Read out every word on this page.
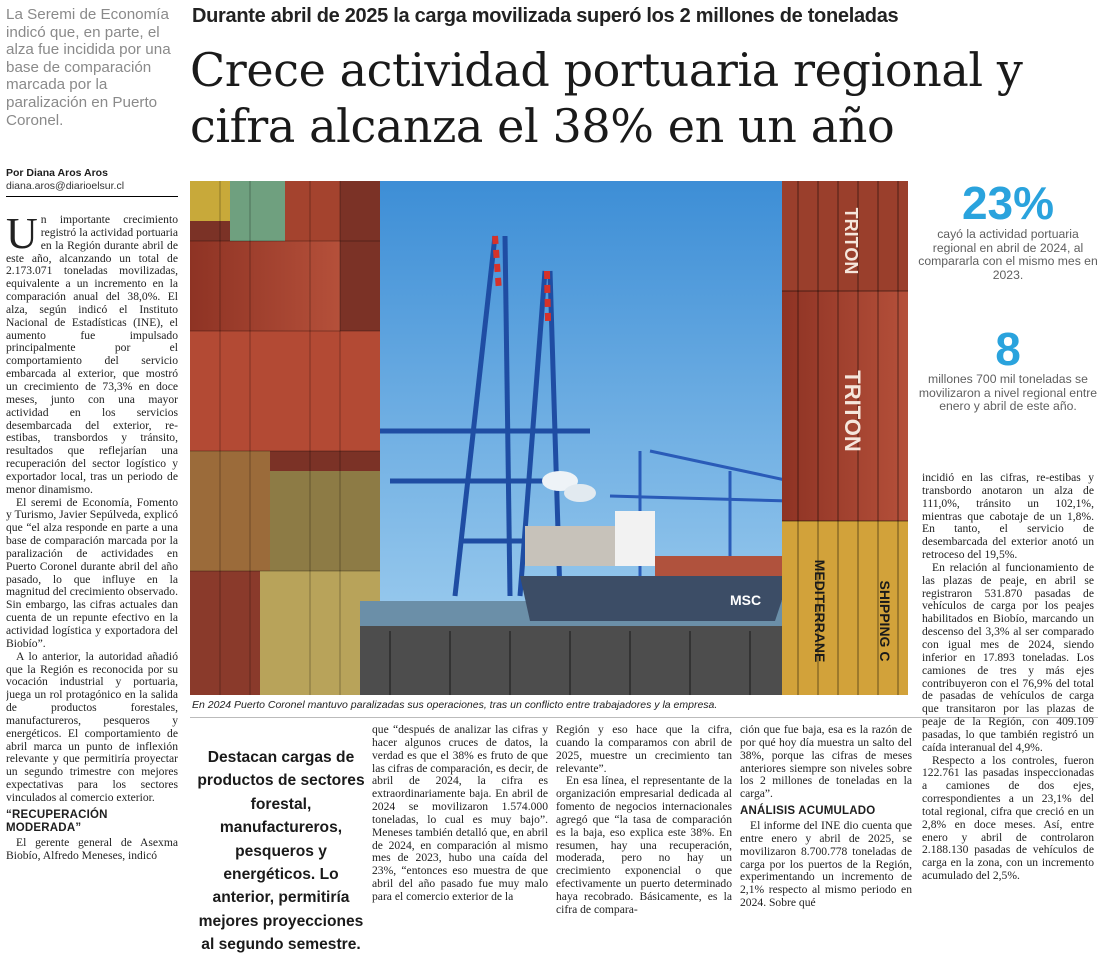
La Seremi de Economía indicó que, en parte, el alza fue incidida por una base de comparación marcada por la paralización en Puerto Coronel.
Por Diana Aros Aros
diana.aros@diarioelsur.cl
Durante abril de 2025 la carga movilizada superó los 2 millones de toneladas
Crece actividad portuaria regional y
cifra alcanza el 38% en un año

Un importante crecimiento registró la actividad portuaria en la Región durante abril de este año, alcanzando un total de 2.173.071 toneladas movilizadas, equivalente a un incremento en la comparación anual del 38,0%. El alza, según indicó el Instituto Nacional de Estadísticas (INE), el aumento fue impulsado principalmente por el comportamiento del servicio embarcada al exterior, que mostró un crecimiento de 73,3% en doce meses, junto con una mayor actividad en los servicios desembarcada del exterior, re-estibas, transbordos y tránsito, resultados que reflejarían una recuperación del sector logístico y exportador local, tras un periodo de menor dinamismo.

El seremi de Economía, Fomento y Turismo, Javier Sepúlveda, explicó que “el alza responde en parte a una base de comparación marcada por la paralización de actividades en Puerto Coronel durante abril del año pasado, lo que influye en la magnitud del crecimiento observado. Sin embargo, las cifras actuales dan cuenta de un repunte efectivo en la actividad logística y exportadora del Biobío”.

A lo anterior, la autoridad añadió que la Región es reconocida por su vocación industrial y portuaria, juega un rol protagónico en la salida de productos forestales, manufactureros, pesqueros y energéticos. El comportamiento de abril marca un punto de inflexión relevante y que permitiría proyectar un segundo trimestre con mejores expectativas para los sectores vinculados al comercio exterior.

“RECUPERACIÓN MODERADA”

El gerente general de Asexma Biobío, Alfredo Meneses, indicó

MSC
TRITON
TRITON
MEDITERRANE	SHIPPING C
En 2024 Puerto Coronel mantuvo paralizadas sus operaciones, tras un conflicto entre trabajadores y la empresa.
23%
cayó la actividad portuaria regional en abril de 2024, al compararla con el mismo mes en 2023.
8
millones 700 mil toneladas se movilizaron a nivel regional entre enero y abril de este año.
Destacan cargas de productos de sectores forestal, manufactureros, pesqueros y energéticos. Lo anterior, permitiría mejores proyecciones al segundo semestre.

que “después de analizar las cifras y hacer algunos cruces de datos, la verdad es que el 38% es fruto de que las cifras de comparación, es decir, de abril de 2024, la cifra es extraordinariamente baja. En abril de 2024 se movilizaron 1.574.000 toneladas, lo cual es muy bajo”. Meneses también detalló que, en abril de 2024, en comparación al mismo mes de 2023, hubo una caída del 23%, “entonces eso muestra de que abril del año pasado fue muy malo para el comercio exterior de la

Región y eso hace que la cifra, cuando la comparamos con abril de 2025, muestre un crecimiento tan relevante”.

En esa línea, el representante de la organización empresarial dedicada al fomento de negocios internacionales agregó que “la tasa de comparación es la baja, eso explica este 38%. En resumen, hay una recuperación, moderada, pero no hay un crecimiento exponencial o que efectivamente un puerto determinado haya recobrado. Básicamente, es la cifra de compara-

ción que fue baja, esa es la razón de por qué hoy día muestra un salto del 38%, porque las cifras de meses anteriores siempre son niveles sobre los 2 millones de toneladas en la carga”.

ANÁLISIS ACUMULADO

El informe del INE dio cuenta que entre enero y abril de 2025, se movilizaron 8.700.778 toneladas de carga por los puertos de la Región, experimentando un incremento de 2,1% respecto al mismo periodo en 2024. Sobre qué

incidió en las cifras, re-estibas y transbordo anotaron un alza de 111,0%, tránsito un 102,1%, mientras que cabotaje de un 1,8%. En tanto, el servicio de desembarcada del exterior anotó un retroceso del 19,5%.

En relación al funcionamiento de las plazas de peaje, en abril se registraron 531.870 pasadas de vehículos de carga por los peajes habilitados en Biobío, marcando un descenso del 3,3% al ser comparado con igual mes de 2024, siendo inferior en 17.893 toneladas. Los camiones de tres y más ejes contribuyeron con el 76,9% del total de pasadas de vehículos de carga que transitaron por las plazas de peaje de la Región, con 409.109 pasadas, lo que también registró un caída interanual del 4,9%.

Respecto a los controles, fueron 122.761 las pasadas inspeccionadas a camiones de dos ejes, correspondientes a un 23,1% del total regional, cifra que creció en un 2,8% en doce meses. Así, entre enero y abril de controlaron 2.188.130 pasadas de vehículos de carga en la zona, con un incremento acumulado del 2,5%.
